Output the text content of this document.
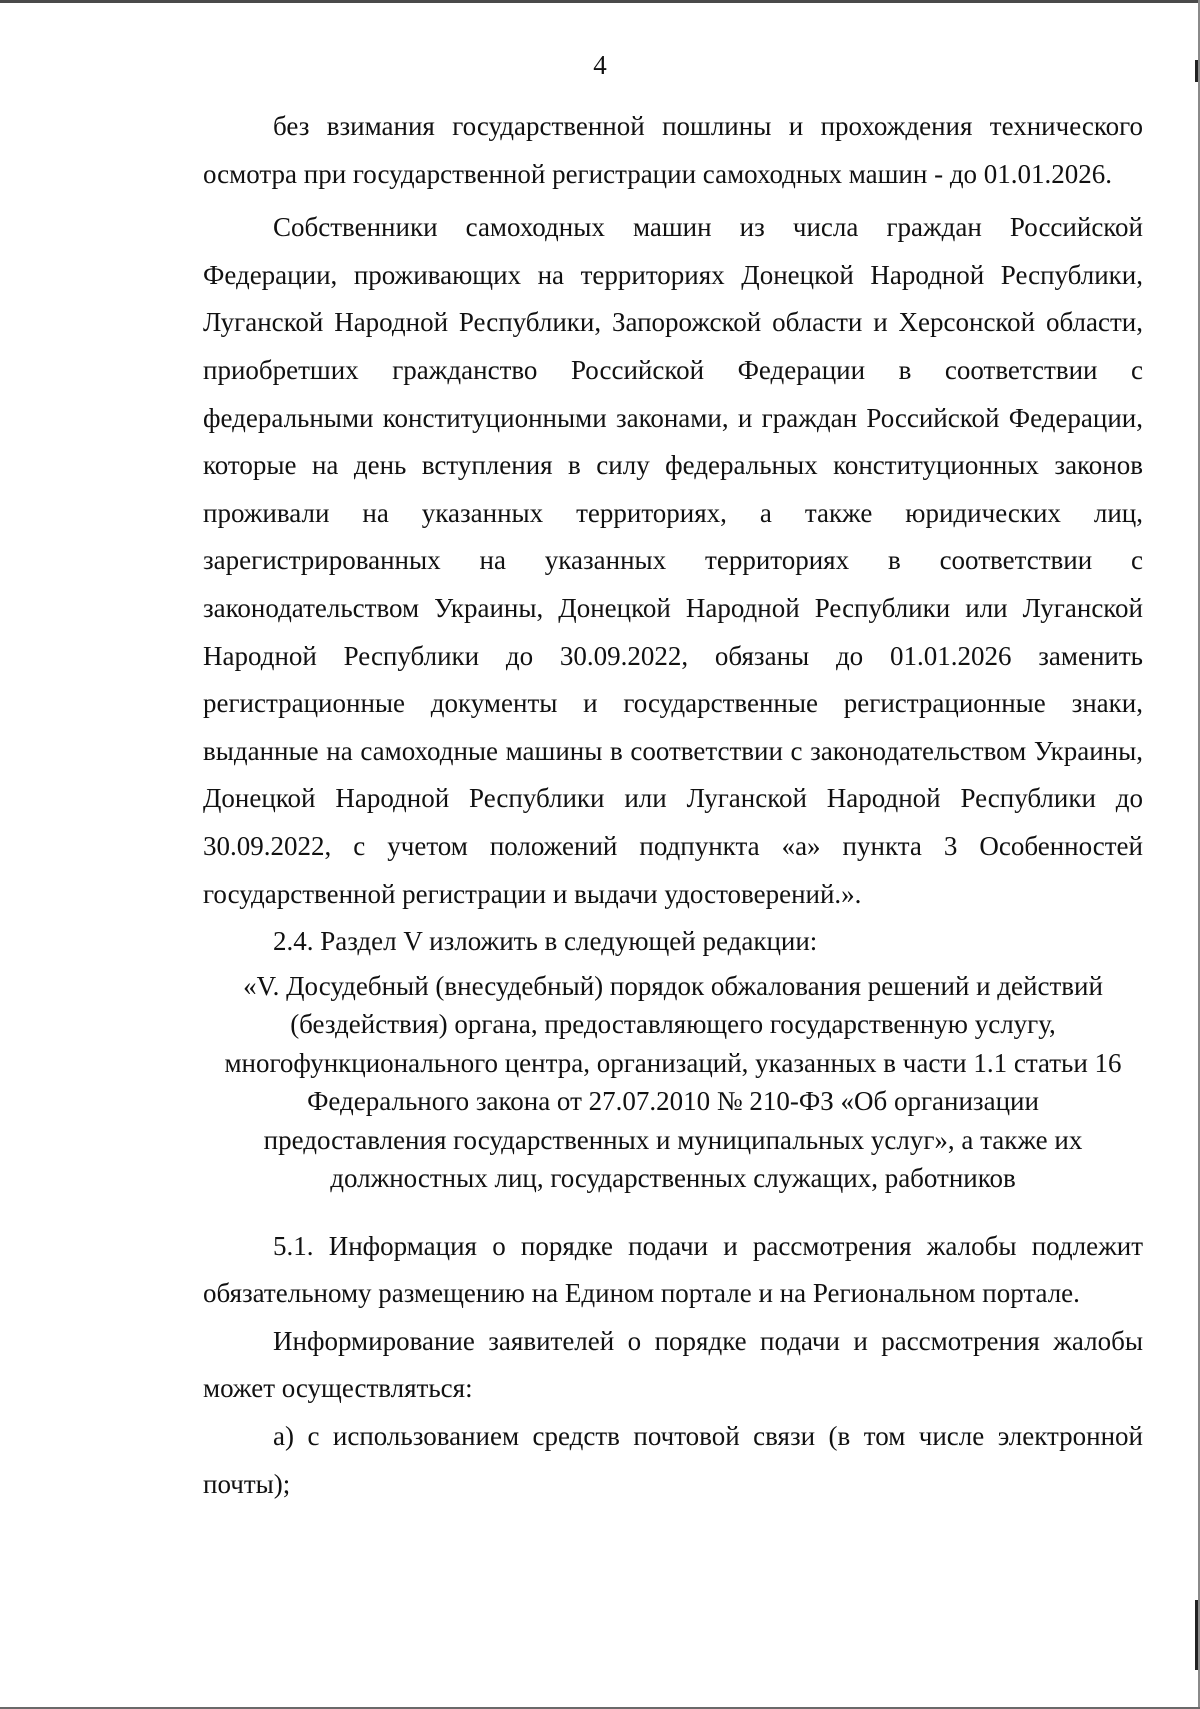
4

без взимания государственной пошлины и прохождения технического осмотра при государственной регистрации самоходных машин - до 01.01.2026.

Собственники самоходных машин из числа граждан Российской Федерации, проживающих на территориях Донецкой Народной Республики, Луганской Народной Республики, Запорожской области и Херсонской области, приобретших гражданство Российской Федерации в соответствии с федеральными конституционными законами, и граждан Российской Федерации, которые на день вступления в силу федеральных конституционных законов проживали на указанных территориях, а также юридических лиц, зарегистрированных на указанных территориях в соответствии с законодательством Украины, Донецкой Народной Республики или Луганской Народной Республики до 30.09.2022, обязаны до 01.01.2026 заменить регистрационные документы и государственные регистрационные знаки, выданные на самоходные машины в соответствии с законодательством Украины, Донецкой Народной Республики или Луганской Народной Республики до 30.09.2022, с учетом положений подпункта «а» пункта 3 Особенностей государственной регистрации и выдачи удостоверений.».

2.4. Раздел V изложить в следующей редакции:

«V. Досудебный (внесудебный) порядок обжалования решений и действий
(бездействия) органа, предоставляющего государственную услугу,
многофункционального центра, организаций, указанных в части 1.1 статьи 16
Федерального закона от 27.07.2010 № 210-ФЗ «Об организации
предоставления государственных и муниципальных услуг», а также их
должностных лиц, государственных служащих, работников

5.1. Информация о порядке подачи и рассмотрения жалобы подлежит обязательному размещению на Едином портале и на Региональном портале.

Информирование заявителей о порядке подачи и рассмотрения жалобы может осуществляться:

а) с использованием средств почтовой связи (в том числе электронной почты);
